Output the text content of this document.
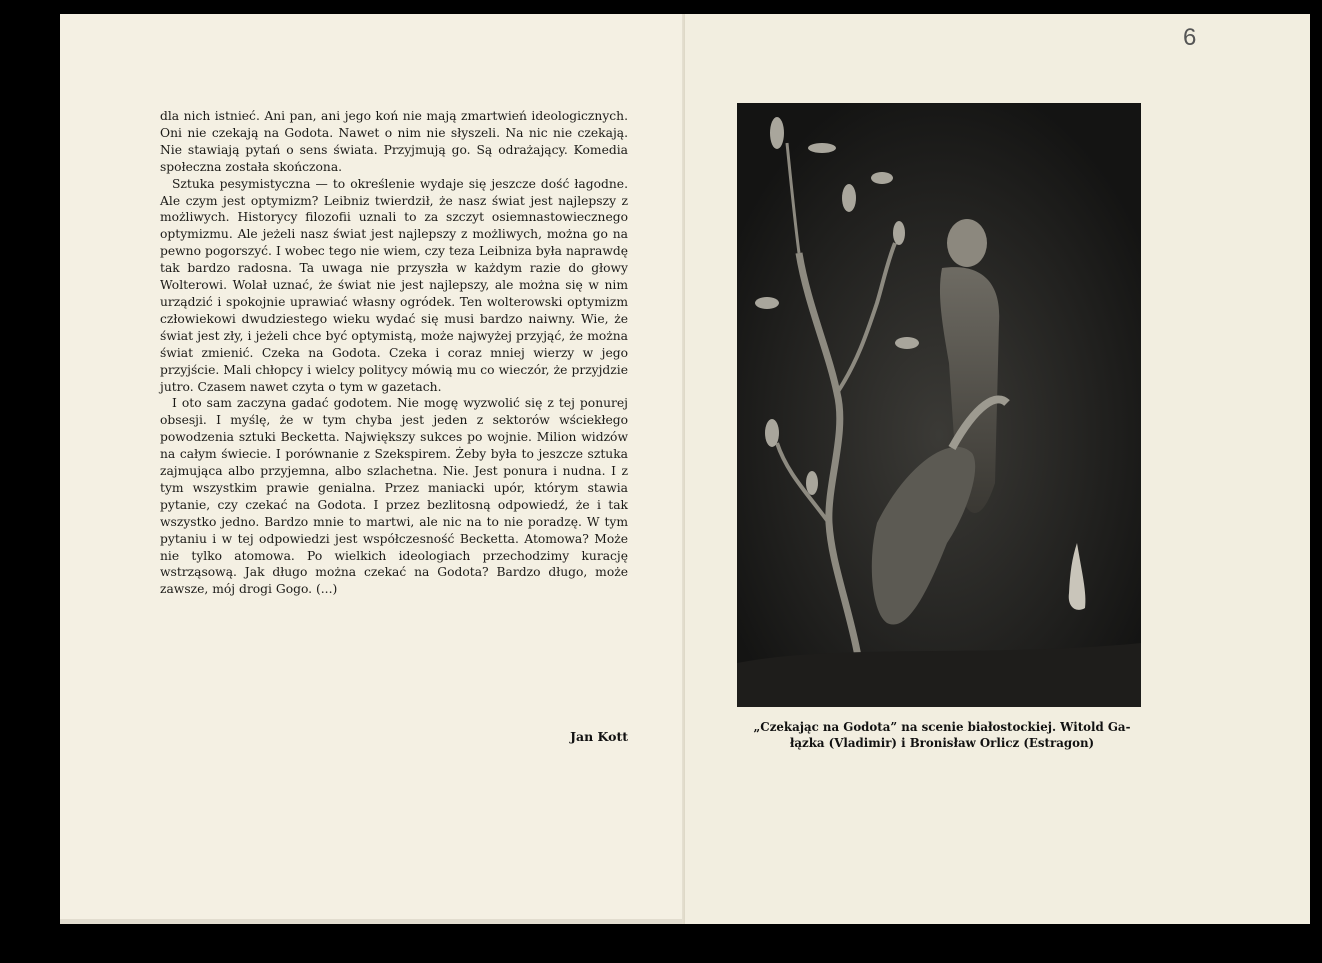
dla nich istnieć. Ani pan, ani jego koń nie mają zmartwień ideologicznych. Oni nie czekają na Godota. Nawet o nim nie słyszeli. Na nic nie czekają. Nie stawiają pytań o sens świata. Przyjmują go. Są odrażający. Komedia społeczna została skończona.

Sztuka pesymistyczna — to określenie wydaje się jeszcze dość łagodne. Ale czym jest optymizm? Leibniz twierdził, że nasz świat jest najlepszy z możliwych. Historycy filozofii uznali to za szczyt osiemnastowiecznego optymizmu. Ale jeżeli nasz świat jest najlepszy z możliwych, można go na pewno pogorszyć. I wobec tego nie wiem, czy teza Leibniza była naprawdę tak bardzo radosna. Ta uwaga nie przyszła w każdym razie do głowy Wolterowi. Wolał uznać, że świat nie jest najlepszy, ale można się w nim urządzić i spokojnie uprawiać własny ogródek. Ten wolterowski optymizm człowiekowi dwudziestego wieku wydać się musi bardzo naiwny. Wie, że świat jest zły, i jeżeli chce być optymistą, może najwyżej przyjąć, że można świat zmienić. Czeka na Godota. Czeka i coraz mniej wierzy w jego przyjście. Mali chłopcy i wielcy politycy mówią mu co wieczór, że przyjdzie jutro. Czasem nawet czyta o tym w gazetach.

I oto sam zaczyna gadać godotem. Nie mogę wyzwolić się z tej ponurej obsesji. I myślę, że w tym chyba jest jeden z sektorów wściekłego powodzenia sztuki Becketta. Największy sukces po wojnie. Milion widzów na całym świecie. I porównanie z Szekspirem. Żeby była to jeszcze sztuka zajmująca albo przyjemna, albo szlachetna. Nie. Jest ponura i nudna. I z tym wszystkim prawie genialna. Przez maniacki upór, którym stawia pytanie, czy czekać na Godota. I przez bezlitosną odpowiedź, że i tak wszystko jedno. Bardzo mnie to martwi, ale nic na to nie poradzę. W tym pytaniu i w tej odpowiedzi jest współczesność Becketta. Atomowa? Może nie tylko atomowa. Po wielkich ideologiach przechodzimy kurację wstrząsową. Jak długo można czekać na Godota? Bardzo długo, może zawsze, mój drogi Gogo. (...)

Jan Kott
6
„Czekając na Godota” na scenie białostockiej. Witold Ga-
łązka (Vladimir) i Bronisław Orlicz (Estragon)
